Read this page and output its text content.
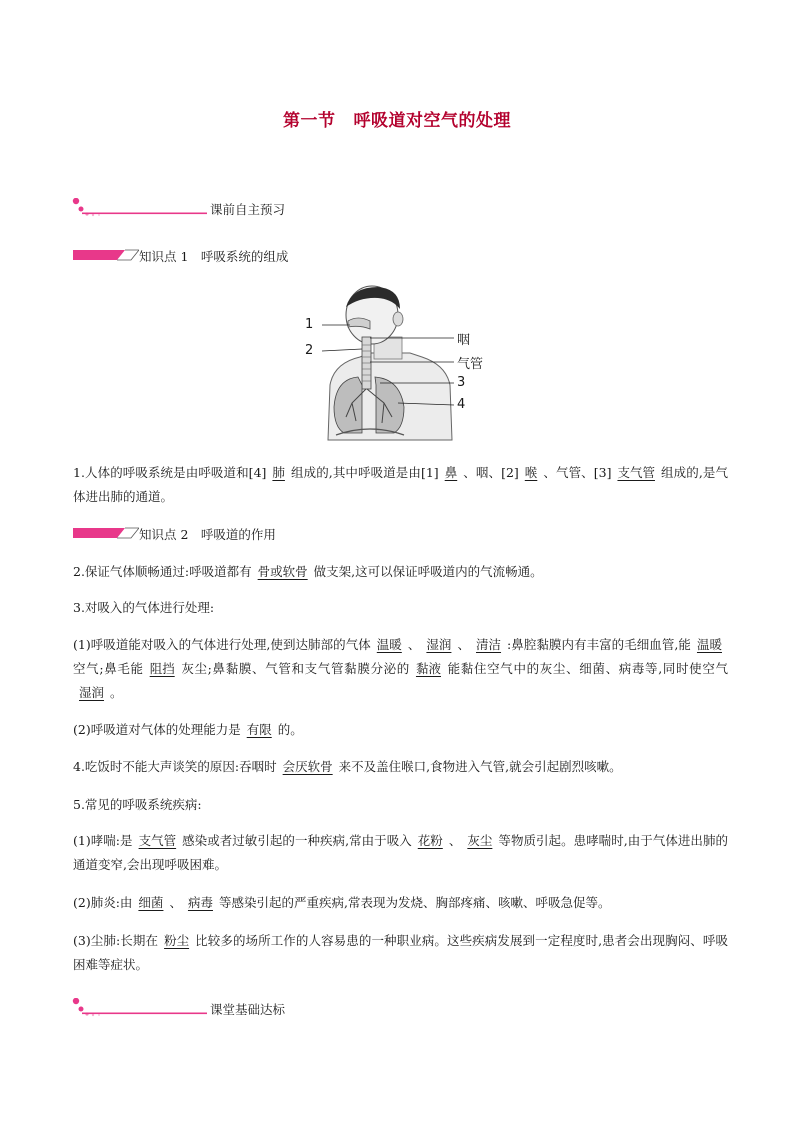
第一节 呼吸道对空气的处理
课前自主预习
知识点 1　呼吸系统的组成
1
2
咽
气管
3
4
1.人体的呼吸系统是由呼吸道和[4] 肺 组成的,其中呼吸道是由[1] 鼻 、咽、[2] 喉 、气管、[3] 支气管 组成的,是气体进出肺的通道。
知识点 2　呼吸道的作用
2.保证气体顺畅通过:呼吸道都有 骨或软骨 做支架,这可以保证呼吸道内的气流畅通。
3.对吸入的气体进行处理:
(1)呼吸道能对吸入的气体进行处理,使到达肺部的气体 温暖 、 湿润 、 清洁 :鼻腔黏膜内有丰富的毛细血管,能 温暖空气;鼻毛能 阻挡 灰尘;鼻黏膜、气管和支气管黏膜分泌的 黏液 能黏住空气中的灰尘、细菌、病毒等,同时使空气湿润 。
(2)呼吸道对气体的处理能力是 有限 的。
4.吃饭时不能大声谈笑的原因:吞咽时 会厌软骨 来不及盖住喉口,食物进入气管,就会引起剧烈咳嗽。
5.常见的呼吸系统疾病:
(1)哮喘:是 支气管 感染或者过敏引起的一种疾病,常由于吸入 花粉 、 灰尘 等物质引起。患哮喘时,由于气体进出肺的通道变窄,会出现呼吸困难。
(2)肺炎:由 细菌 、 病毒 等感染引起的严重疾病,常表现为发烧、胸部疼痛、咳嗽、呼吸急促等。
(3)尘肺:长期在 粉尘 比较多的场所工作的人容易患的一种职业病。这些疾病发展到一定程度时,患者会出现胸闷、呼吸困难等症状。
课堂基础达标
